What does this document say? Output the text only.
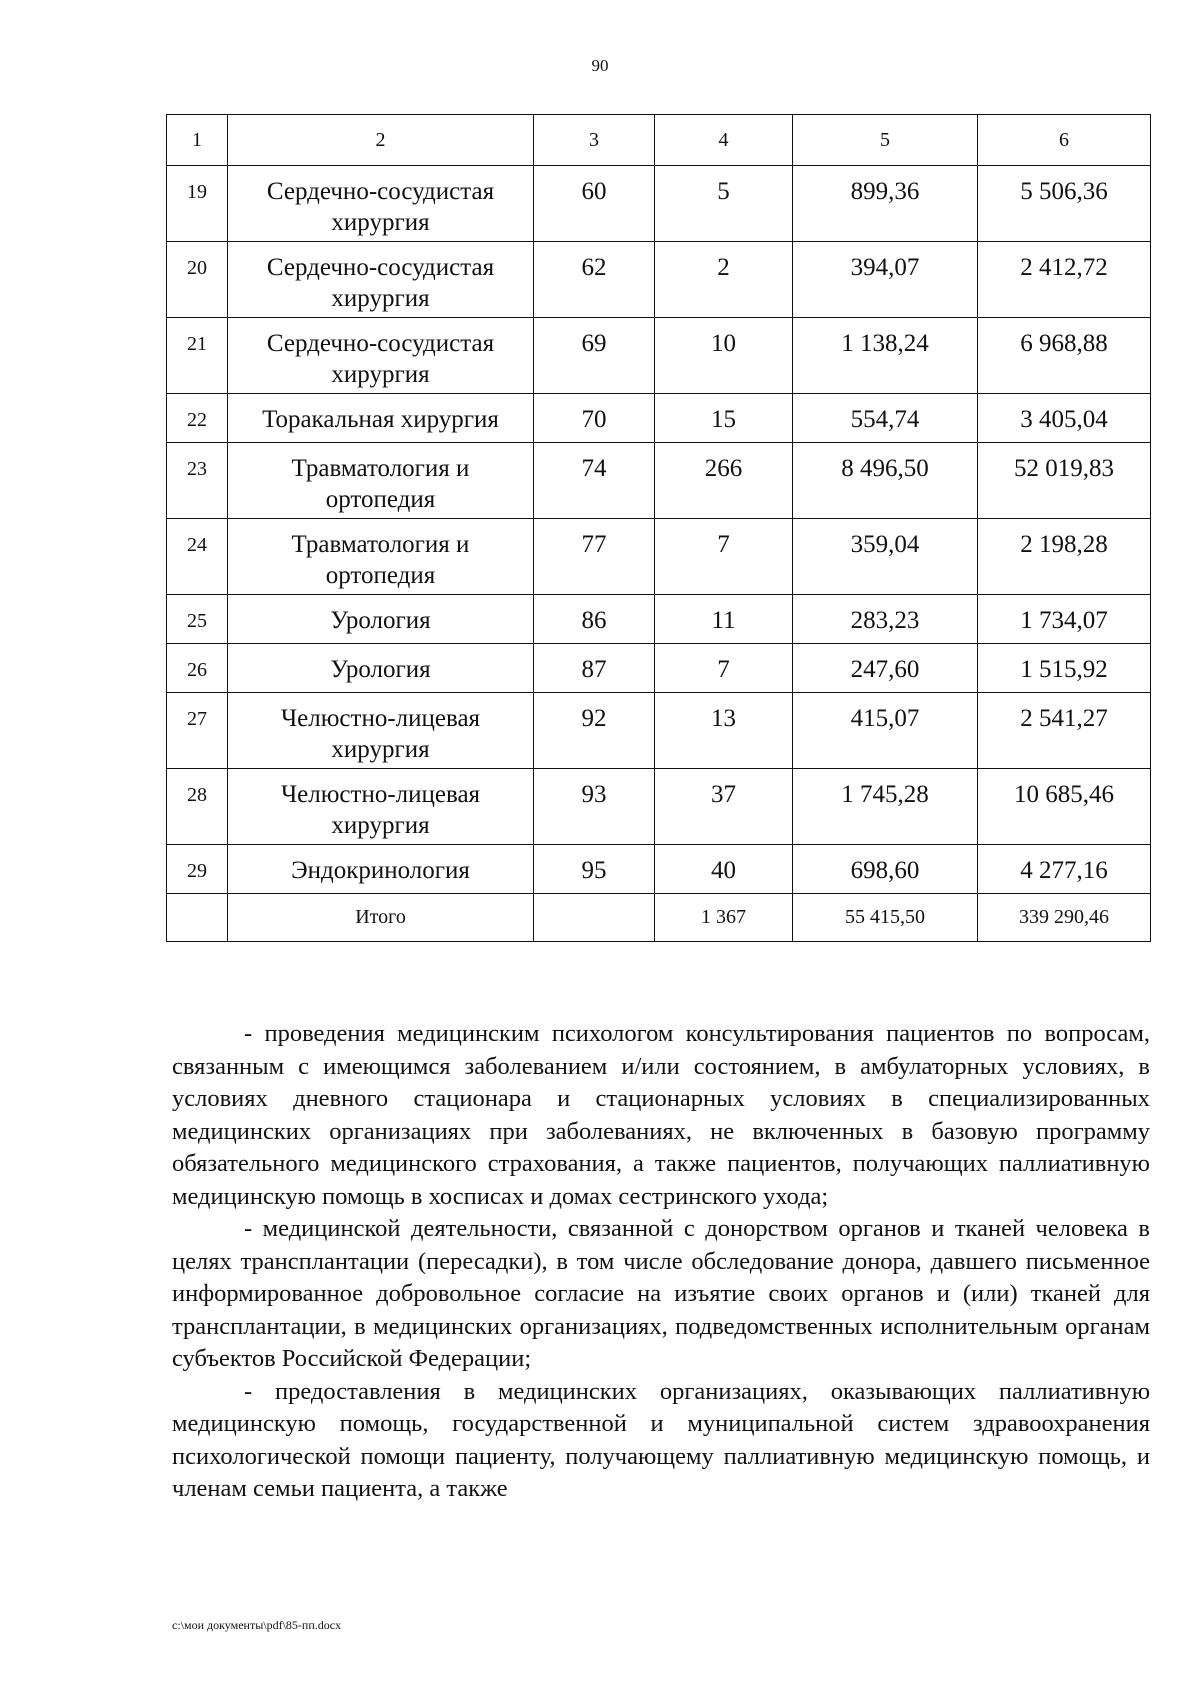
90
1	2	3	4	5	6
19	Сердечно-сосудистая хирургия	60	5	899,36	5 506,36
20	Сердечно-сосудистая хирургия	62	2	394,07	2 412,72
21	Сердечно-сосудистая хирургия	69	10	1 138,24	6 968,88
22	Торакальная хирургия	70	15	554,74	3 405,04
23	Травматология и ортопедия	74	266	8 496,50	52 019,83
24	Травматология и ортопедия	77	7	359,04	2 198,28
25	Урология	86	11	283,23	1 734,07
26	Урология	87	7	247,60	1 515,92
27	Челюстно-лицевая хирургия	92	13	415,07	2 541,27
28	Челюстно-лицевая хирургия	93	37	1 745,28	10 685,46
29	Эндокринология	95	40	698,60	4 277,16
	Итого		1 367	55 415,50	339 290,46

- проведения медицинским психологом консультирования пациентов по вопросам, связанным с имеющимся заболеванием и/или состоянием, в амбулаторных условиях, в условиях дневного стационара и стационарных условиях в специализированных медицинских организациях при заболеваниях, не включенных в базовую программу обязательного медицинского страхования, а также пациентов, получающих паллиативную медицинскую помощь в хосписах и домах сестринского ухода;

- медицинской деятельности, связанной с донорством органов и тканей человека в целях трансплантации (пересадки), в том числе обследование донора, давшего письменное информированное добровольное согласие на изъятие своих органов и (или) тканей для трансплантации, в медицинских организациях, подведомственных исполнительным органам субъектов Российской Федерации;

- предоставления в медицинских организациях, оказывающих паллиативную медицинскую помощь, государственной и муниципальной систем здравоохранения психологической помощи пациенту, получающему паллиативную медицинскую помощь, и членам семьи пациента, а также

c:\мои документы\pdf\85-пп.docx
